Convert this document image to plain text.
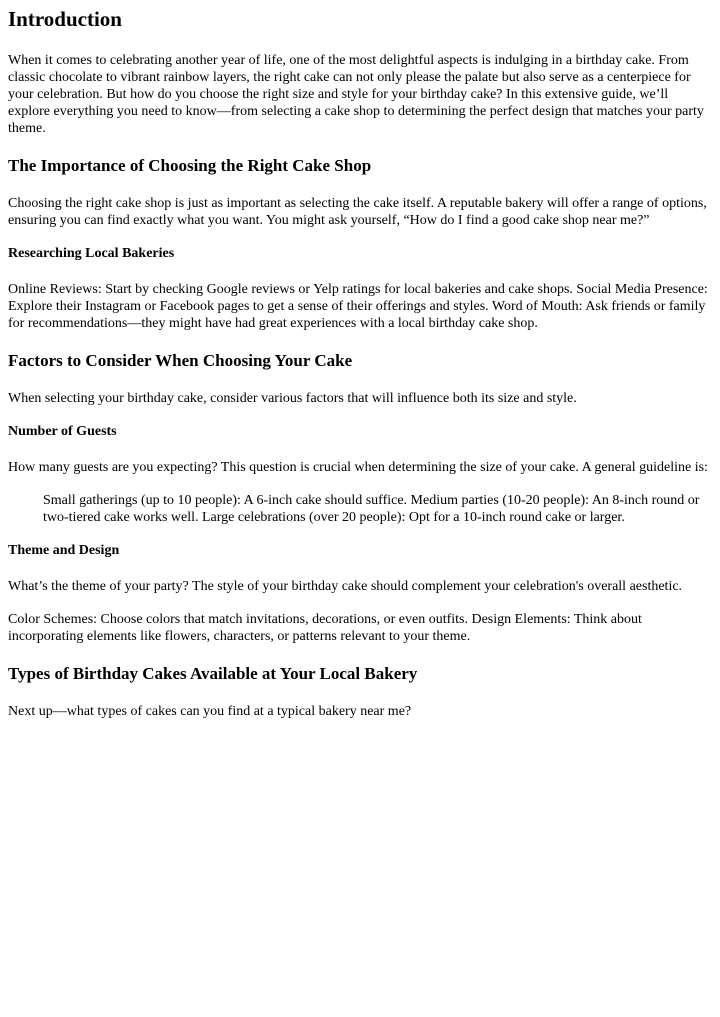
Introduction

When it comes to celebrating another year of life, one of the most delightful aspects is indulging in a birthday cake. From classic chocolate to vibrant rainbow layers, the right cake can not only please the palate but also serve as a centerpiece for your celebration. But how do you choose the right size and style for your birthday cake? In this extensive guide, we’ll explore everything you need to know—from selecting a cake shop to determining the perfect design that matches your party theme.

The Importance of Choosing the Right Cake Shop

Choosing the right cake shop is just as important as selecting the cake itself. A reputable bakery will offer a range of options, ensuring you can find exactly what you want. You might ask yourself, “How do I find a good cake shop near me?”

Researching Local Bakeries

Online Reviews: Start by checking Google reviews or Yelp ratings for local bakeries and cake shops. Social Media Presence: Explore their Instagram or Facebook pages to get a sense of their offerings and styles. Word of Mouth: Ask friends or family for recommendations—they might have had great experiences with a local birthday cake shop.

Factors to Consider When Choosing Your Cake

When selecting your birthday cake, consider various factors that will influence both its size and style.

Number of Guests

How many guests are you expecting? This question is crucial when determining the size of your cake. A general guideline is:

Small gatherings (up to 10 people): A 6-inch cake should suffice. Medium parties (10-20 people): An 8-inch round or two-tiered cake works well. Large celebrations (over 20 people): Opt for a 10-inch round cake or larger.
Theme and Design

What’s the theme of your party? The style of your birthday cake should complement your celebration's overall aesthetic.

Color Schemes: Choose colors that match invitations, decorations, or even outfits. Design Elements: Think about incorporating elements like flowers, characters, or patterns relevant to your theme.

Types of Birthday Cakes Available at Your Local Bakery

Next up—what types of cakes can you find at a typical bakery near me?
